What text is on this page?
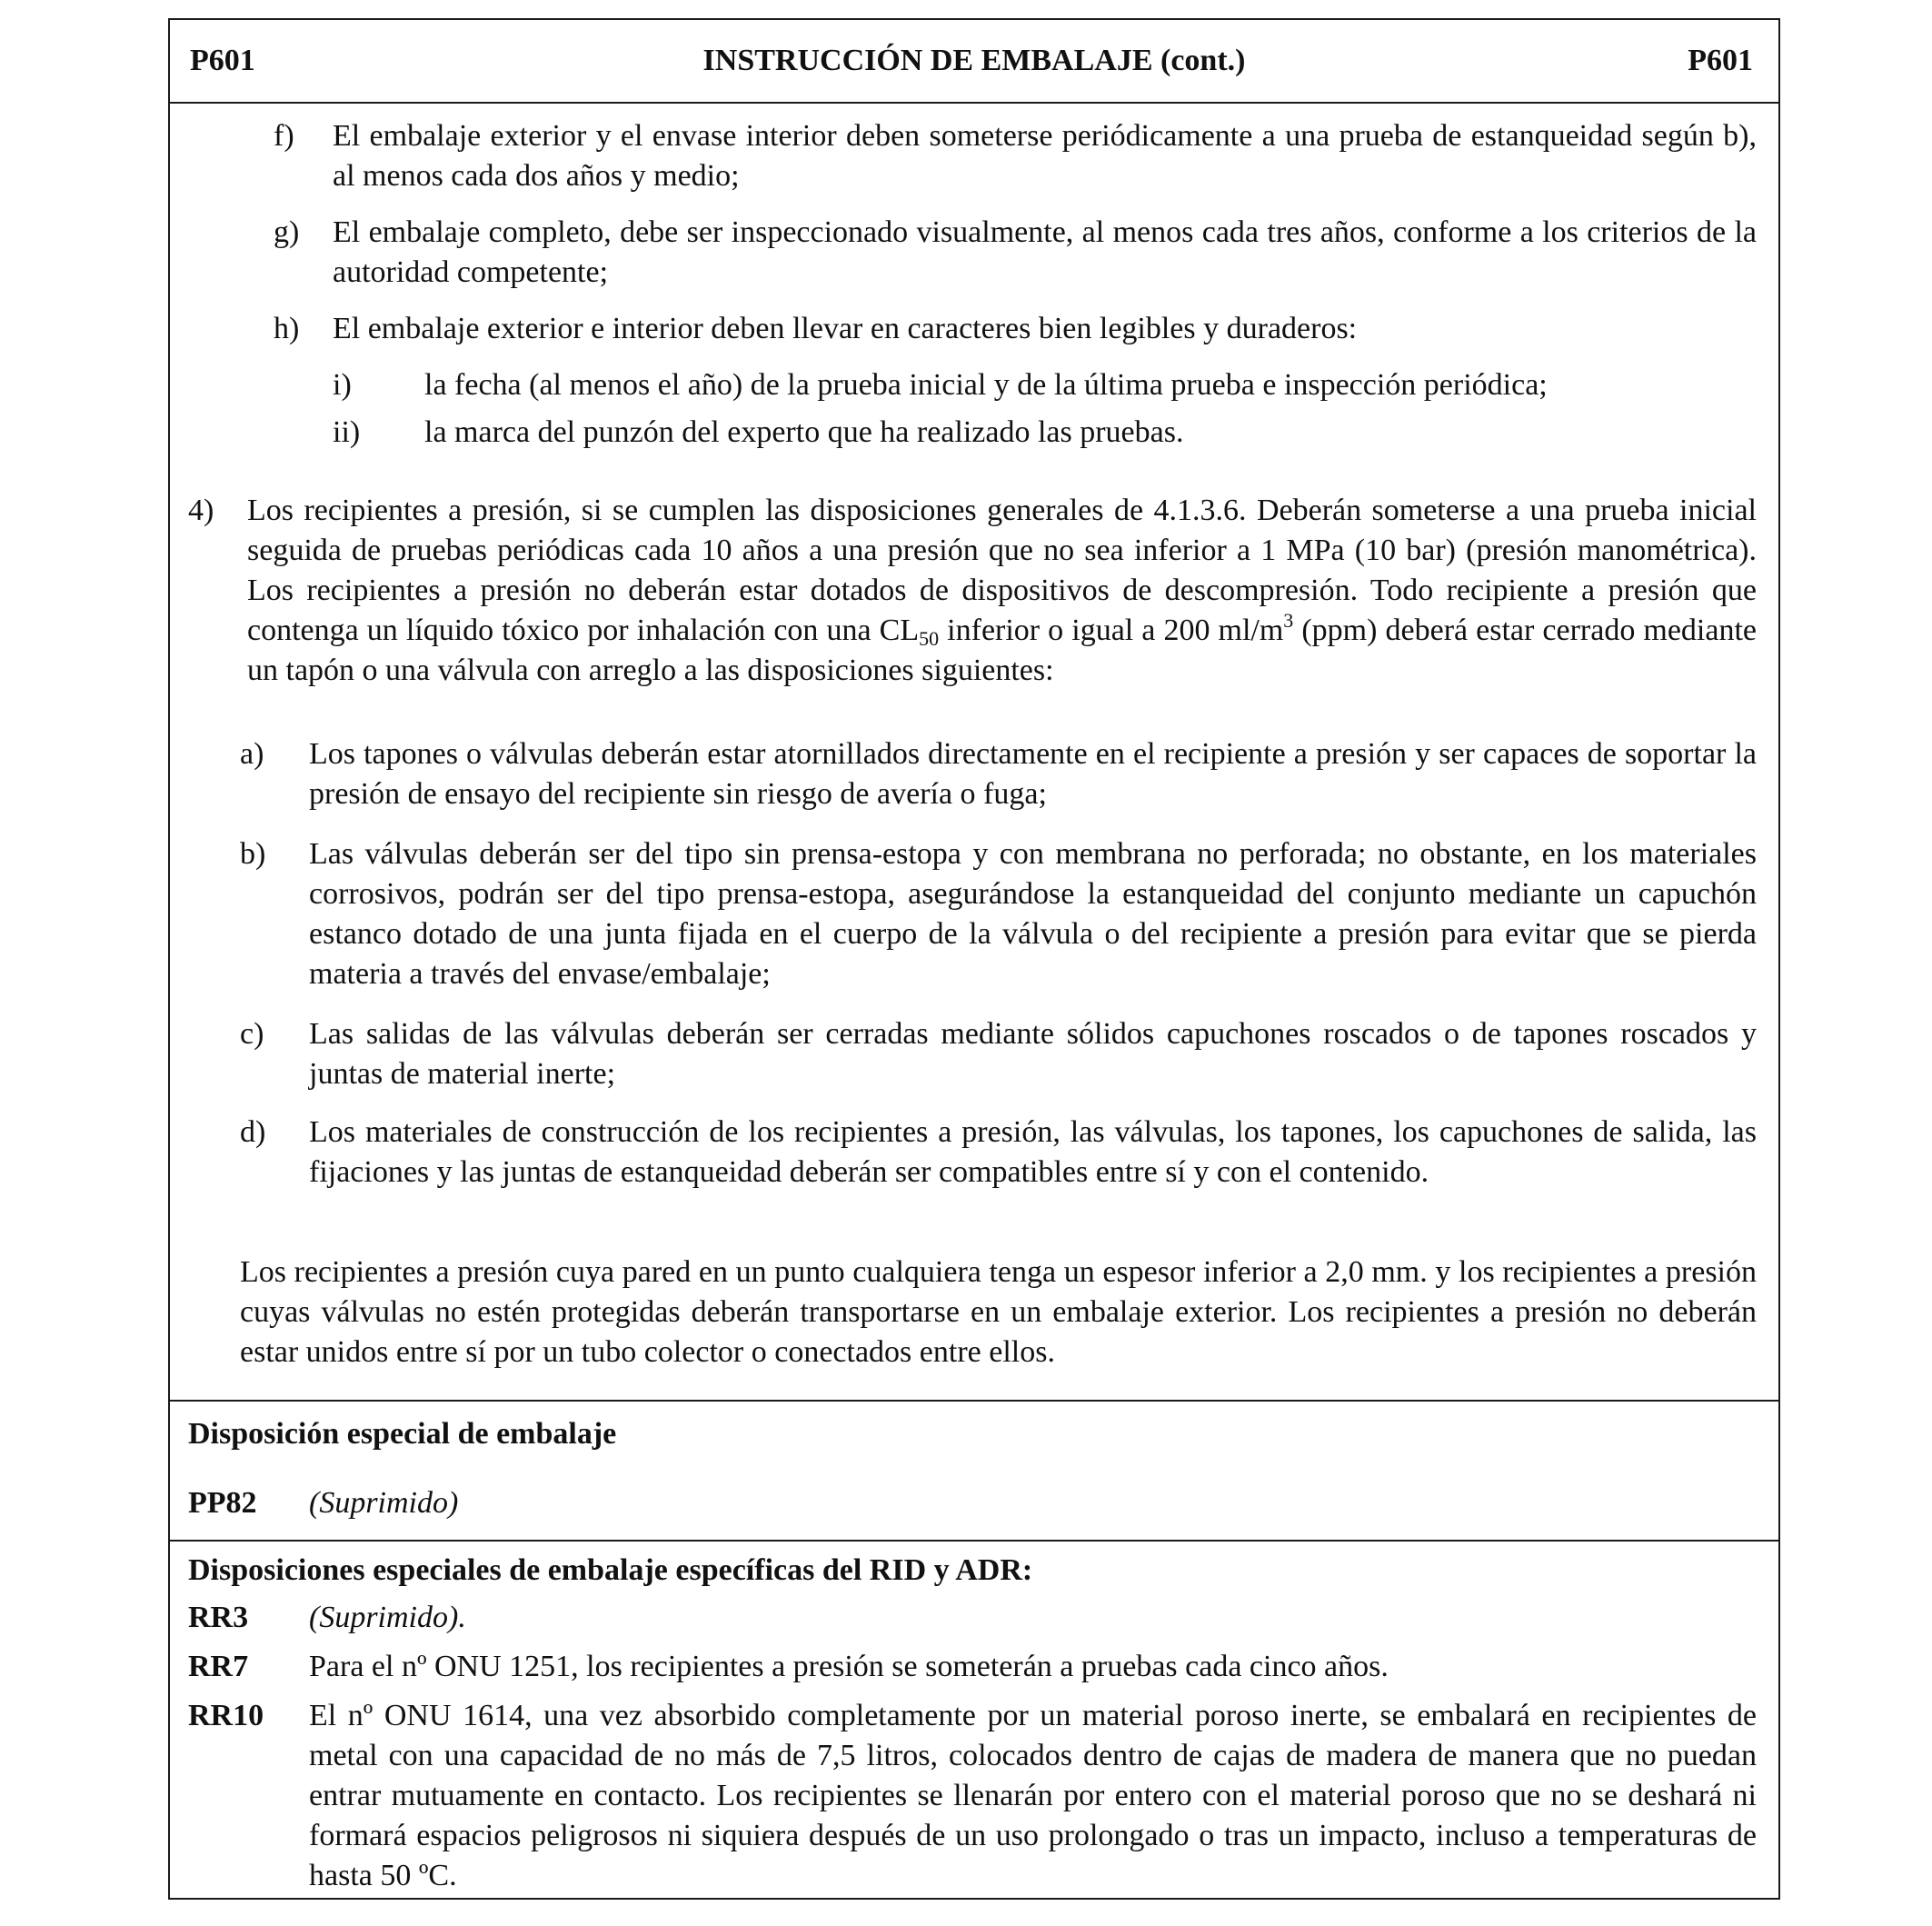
P601	INSTRUCCIÓN DE EMBALAJE (cont.)	P601
f) El embalaje exterior y el envase interior deben someterse periódicamente a una prueba de estanqueidad según b), al menos cada dos años y medio;
g) El embalaje completo, debe ser inspeccionado visualmente, al menos cada tres años, conforme a los criterios de la autoridad competente;
h) El embalaje exterior e interior deben llevar en caracteres bien legibles y duraderos:
i) la fecha (al menos el año) de la prueba inicial y de la última prueba e inspección periódica;
ii) la marca del punzón del experto que ha realizado las pruebas.
4) Los recipientes a presión, si se cumplen las disposiciones generales de 4.1.3.6. Deberán someterse a una prueba inicial seguida de pruebas periódicas cada 10 años a una presión que no sea inferior a 1 MPa (10 bar) (presión manométrica). Los recipientes a presión no deberán estar dotados de dispositivos de descompresión. Todo recipiente a presión que contenga un líquido tóxico por inhalación con una $CL_{50}$ inferior o igual a 200 $ml/m^3$ (ppm) deberá estar cerrado mediante un tapón o una válvula con arreglo a las disposiciones siguientes:
a) Los tapones o válvulas deberán estar atornillados directamente en el recipiente a presión y ser capaces de soportar la presión de ensayo del recipiente sin riesgo de avería o fuga;
b) Las válvulas deberán ser del tipo sin prensa-estopa y con membrana no perforada; no obstante, en los materiales corrosivos, podrán ser del tipo prensa-estopa, asegurándose la estanqueidad del conjunto mediante un capuchón estanco dotado de una junta fijada en el cuerpo de la válvula o del recipiente a presión para evitar que se pierda materia a través del envase/embalaje;
c) Las salidas de las válvulas deberán ser cerradas mediante sólidos capuchones roscados o de tapones roscados y juntas de material inerte;
d) Los materiales de construcción de los recipientes a presión, las válvulas, los tapones, los capuchones de salida, las fijaciones y las juntas de estanqueidad deberán ser compatibles entre sí y con el contenido.
Los recipientes a presión cuya pared en un punto cualquiera tenga un espesor inferior a 2,0 mm. y los recipientes a presión cuyas válvulas no estén protegidas deberán transportarse en un embalaje exterior. Los recipientes a presión no deberán estar unidos entre sí por un tubo colector o conectados entre ellos.
Disposición especial de embalaje
PP82 (Suprimido)
Disposiciones especiales de embalaje específicas del RID y ADR:
RR3 (Suprimido).
RR7 Para el nº ONU 1251, los recipientes a presión se someterán a pruebas cada cinco años.
RR10 El nº ONU 1614, una vez absorbido completamente por un material poroso inerte, se embalará en recipientes de metal con una capacidad de no más de 7,5 litros, colocados dentro de cajas de madera de manera que no puedan entrar mutuamente en contacto. Los recipientes se llenarán por entero con el material poroso que no se deshará ni formará espacios peligrosos ni siquiera después de un uso prolongado o tras un impacto, incluso a temperaturas de hasta 50 ºC.
